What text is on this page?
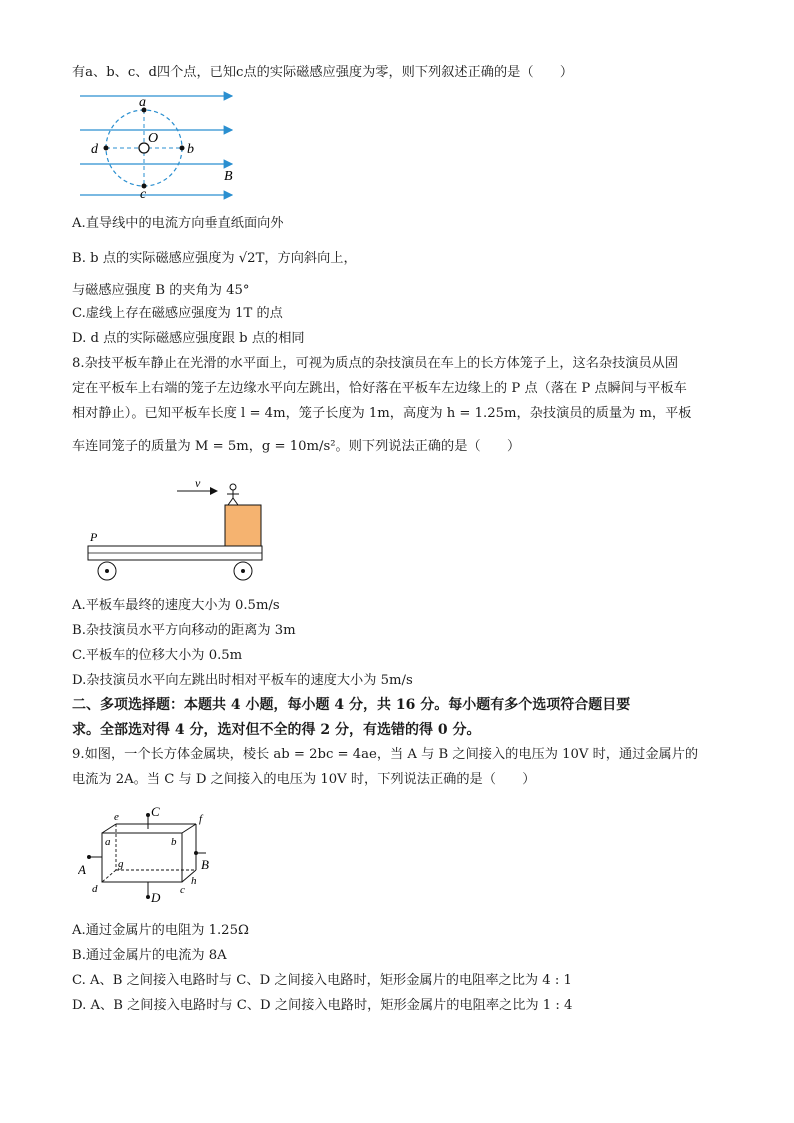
有a、b、c、d四个点，已知c点的实际磁感应强度为零，则下列叙述正确的是（　　）
a
O
b
d
c
B
A.直导线中的电流方向垂直纸面向外
B. b 点的实际磁感应强度为 √2T，方向斜向上，
与磁感应强度 B 的夹角为 45°
C.虚线上存在磁感应强度为 1T 的点
D. d 点的实际磁感应强度跟 b 点的相同
8.杂技平板车静止在光滑的水平面上，可视为质点的杂技演员在车上的长方体笼子上，这名杂技演员从固
定在平板车上右端的笼子左边缘水平向左跳出，恰好落在平板车左边缘上的 P 点（落在 P 点瞬间与平板车
相对静止）。已知平板车长度 l = 4m，笼子长度为 1m，高度为 h = 1.25m，杂技演员的质量为 m，平板
车连同笼子的质量为 M = 5m，g = 10m/s²。则下列说法正确的是（　　）
v
P
A.平板车最终的速度大小为 0.5m/s
B.杂技演员水平方向移动的距离为 3m
C.平板车的位移大小为 0.5m
D.杂技演员水平向左跳出时相对平板车的速度大小为 5m/s
二、多项选择题：本题共 4 小题，每小题 4 分，共 16 分。每小题有多个选项符合题目要
求。全部选对得 4 分，选对但不全的得 2 分，有选错的得 0 分。
9.如图，一个长方体金属块，棱长 ab = 2bc = 4ae，当 A 与 B 之间接入的电压为 10V 时，通过金属片的
电流为 2A。当 C 与 D 之间接入的电压为 10V 时，下列说法正确的是（　　）
e C	f
a	b
B
A	g
h
c
d
D
A.通过金属片的电阻为 1.25Ω
B.通过金属片的电流为 8A
C. A、B 之间接入电路时与 C、D 之间接入电路时，矩形金属片的电阻率之比为 4 : 1
D. A、B 之间接入电路时与 C、D 之间接入电路时，矩形金属片的电阻率之比为 1 : 4
